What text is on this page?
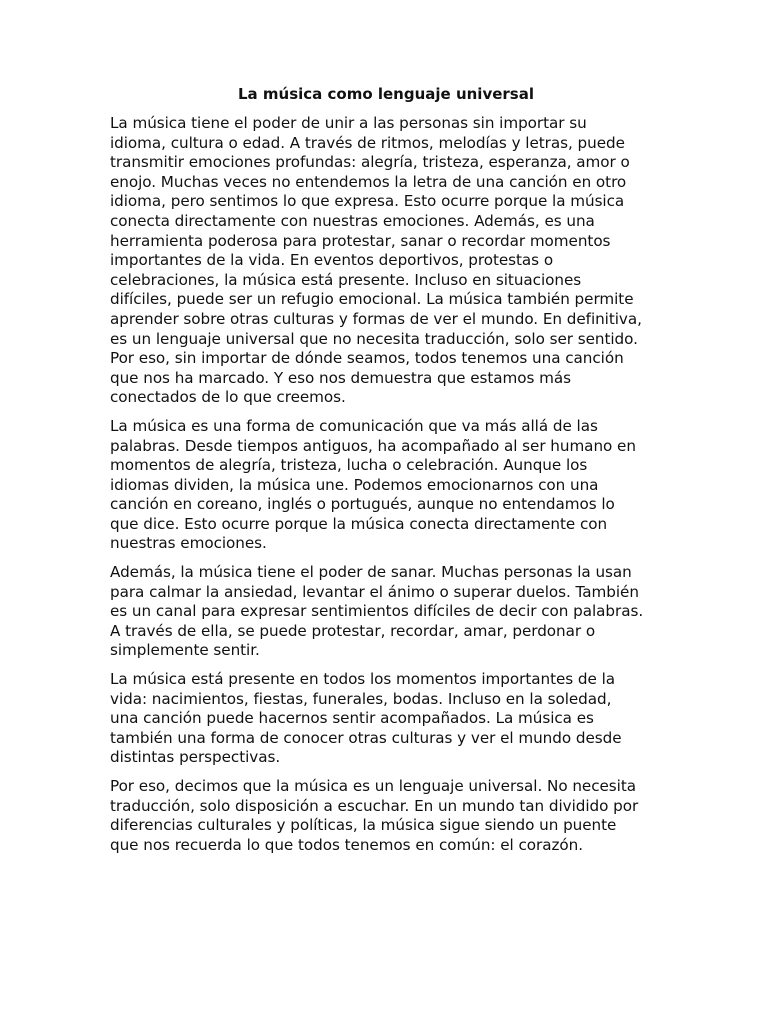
La música como lenguaje universal

La música tiene el poder de unir a las personas sin importar su
idioma, cultura o edad. A través de ritmos, melodías y letras, puede
transmitir emociones profundas: alegría, tristeza, esperanza, amor o
enojo. Muchas veces no entendemos la letra de una canción en otro
idioma, pero sentimos lo que expresa. Esto ocurre porque la música
conecta directamente con nuestras emociones. Además, es una
herramienta poderosa para protestar, sanar o recordar momentos
importantes de la vida. En eventos deportivos, protestas o
celebraciones, la música está presente. Incluso en situaciones
difíciles, puede ser un refugio emocional. La música también permite
aprender sobre otras culturas y formas de ver el mundo. En definitiva,
es un lenguaje universal que no necesita traducción, solo ser sentido.
Por eso, sin importar de dónde seamos, todos tenemos una canción
que nos ha marcado. Y eso nos demuestra que estamos más
conectados de lo que creemos.

La música es una forma de comunicación que va más allá de las
palabras. Desde tiempos antiguos, ha acompañado al ser humano en
momentos de alegría, tristeza, lucha o celebración. Aunque los
idiomas dividen, la música une. Podemos emocionarnos con una
canción en coreano, inglés o portugués, aunque no entendamos lo
que dice. Esto ocurre porque la música conecta directamente con
nuestras emociones.

Además, la música tiene el poder de sanar. Muchas personas la usan
para calmar la ansiedad, levantar el ánimo o superar duelos. También
es un canal para expresar sentimientos difíciles de decir con palabras.
A través de ella, se puede protestar, recordar, amar, perdonar o
simplemente sentir.

La música está presente en todos los momentos importantes de la
vida: nacimientos, fiestas, funerales, bodas. Incluso en la soledad,
una canción puede hacernos sentir acompañados. La música es
también una forma de conocer otras culturas y ver el mundo desde
distintas perspectivas.

Por eso, decimos que la música es un lenguaje universal. No necesita
traducción, solo disposición a escuchar. En un mundo tan dividido por
diferencias culturales y políticas, la música sigue siendo un puente
que nos recuerda lo que todos tenemos en común: el corazón.
